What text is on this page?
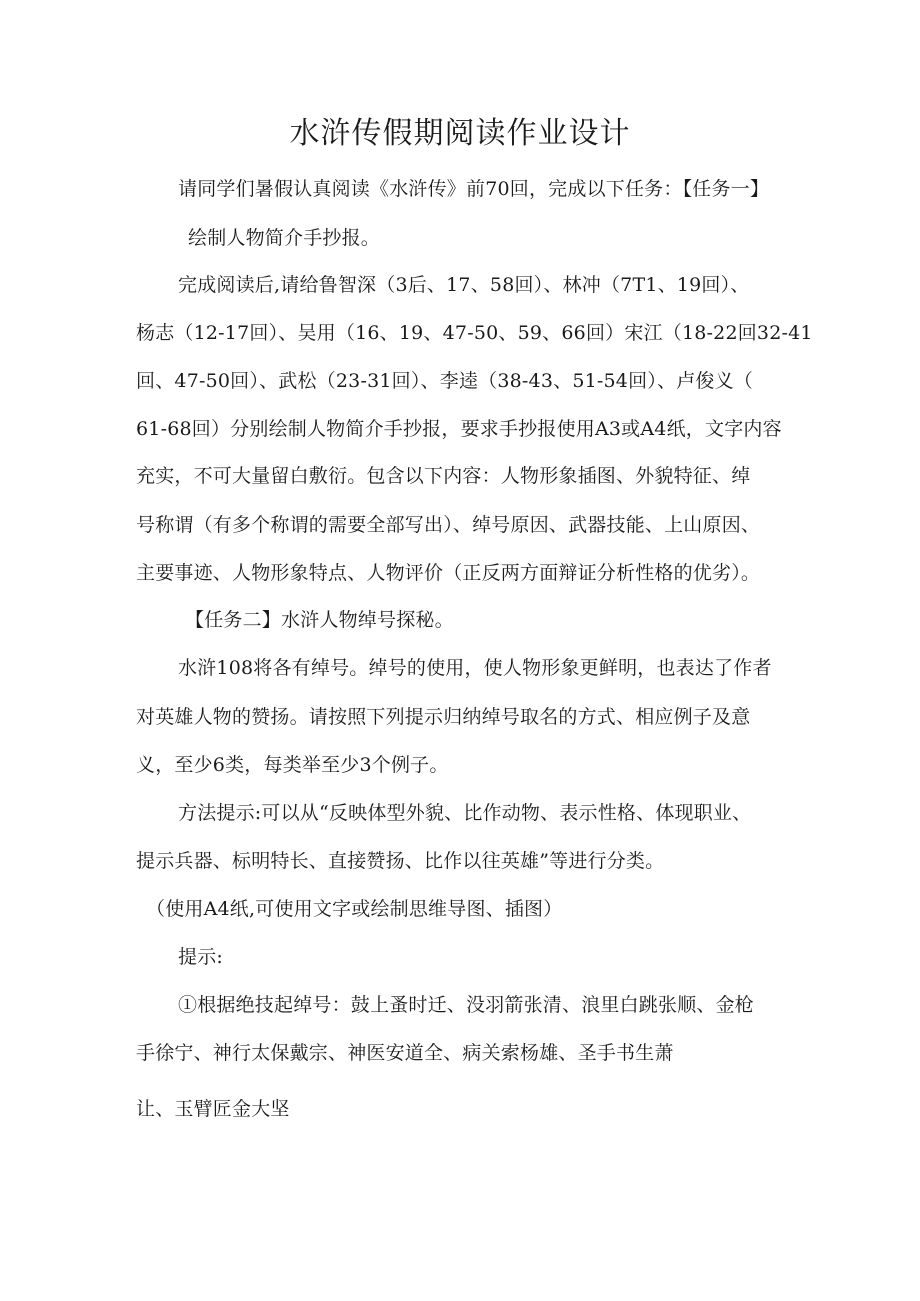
水浒传假期阅读作业设计
请同学们暑假认真阅读《水浒传》前70回，完成以下任务：【任务一】
绘制人物简介手抄报。
完成阅读后,请给鲁智深（3后、17、58回）、林冲（7T1、19回）、
杨志（12-17回）、吴用（16、19、47-50、59、66回）宋江（18-22回32-41
回、47-50回）、武松（23-31回）、李逵（38-43、51-54回）、卢俊义（
61-68回）分别绘制人物简介手抄报，要求手抄报使用A3或A4纸，文字内容
充实，不可大量留白敷衍。包含以下内容：人物形象插图、外貌特征、绰
号称谓（有多个称谓的需要全部写出）、绰号原因、武器技能、上山原因、
主要事迹、人物形象特点、人物评价（正反两方面辩证分析性格的优劣）。
【任务二】水浒人物绰号探秘。
水浒108将各有绰号。绰号的使用，使人物形象更鲜明，也表达了作者
对英雄人物的赞扬。请按照下列提示归纳绰号取名的方式、相应例子及意
义，至少6类，每类举至少3个例子。
方法提示:可以从“反映体型外貌、比作动物、表示性格、体现职业、
提示兵器、标明特长、直接赞扬、比作以往英雄”等进行分类。
（使用A4纸,可使用文字或绘制思维导图、插图）
提示:
①根据绝技起绰号：鼓上蚤时迁、没羽箭张清、浪里白跳张顺、金枪
手徐宁、神行太保戴宗、神医安道全、病关索杨雄、圣手书生萧
让、玉臂匠金大坚
